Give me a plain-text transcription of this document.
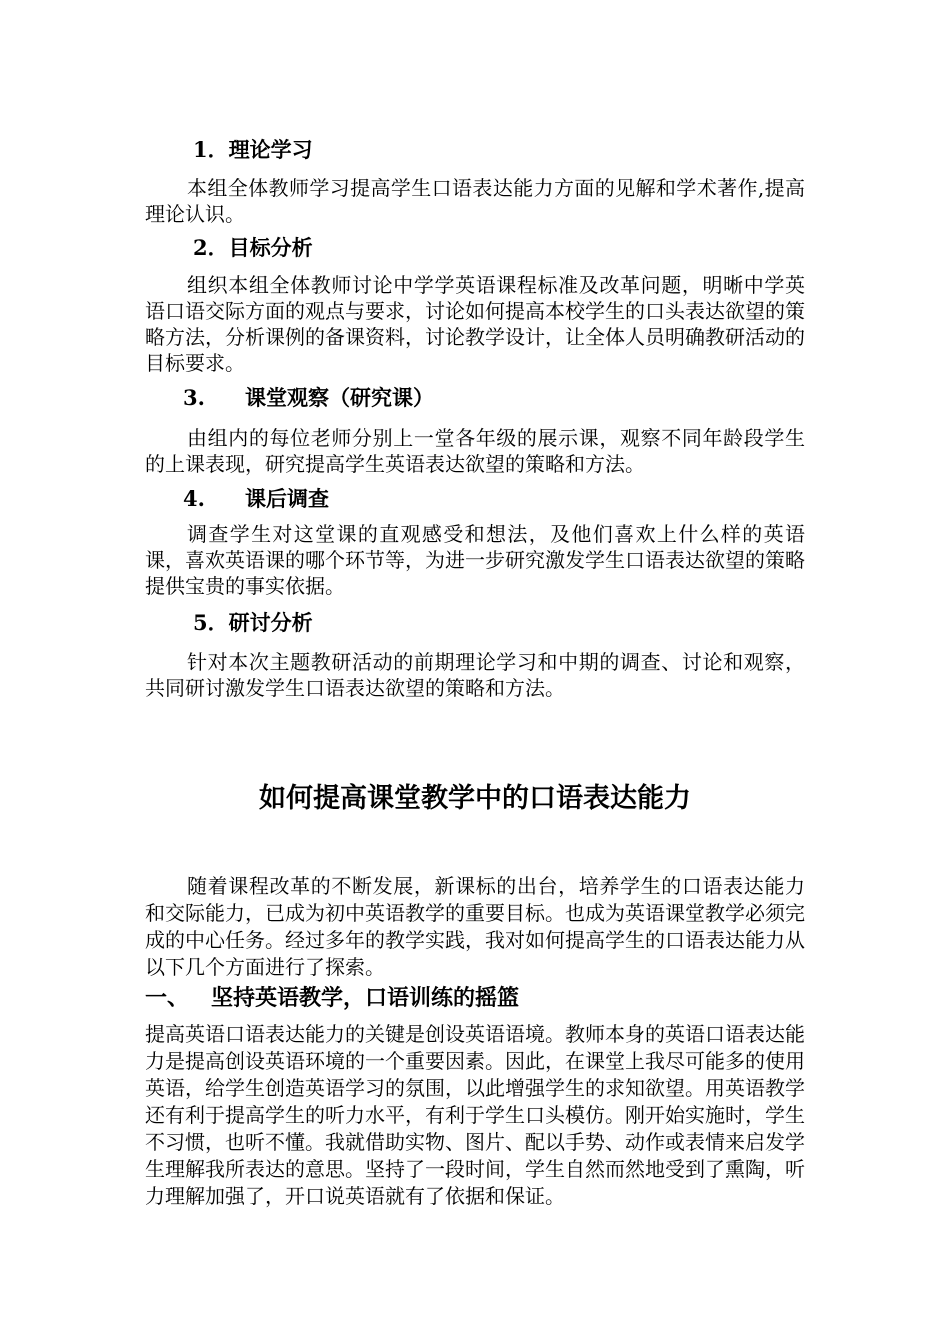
1．理论学习

本组全体教师学习提高学生口语表达能力方面的见解和学术著作,提高理论认识。

2．目标分析

组织本组全体教师讨论中学学英语课程标准及改革问题，明晰中学英语口语交际方面的观点与要求，讨论如何提高本校学生的口头表达欲望的策略方法，分析课例的备课资料，讨论教学设计，让全体人员明确教研活动的目标要求。

3. 课堂观察（研究课）

由组内的每位老师分别上一堂各年级的展示课，观察不同年龄段学生的上课表现，研究提高学生英语表达欲望的策略和方法。

4. 课后调查

调查学生对这堂课的直观感受和想法，及他们喜欢上什么样的英语课，喜欢英语课的哪个环节等，为进一步研究激发学生口语表达欲望的策略提供宝贵的事实依据。

5．研讨分析

针对本次主题教研活动的前期理论学习和中期的调查、讨论和观察，共同研讨激发学生口语表达欲望的策略和方法。

如何提高课堂教学中的口语表达能力

随着课程改革的不断发展，新课标的出台，培养学生的口语表达能力和交际能力，已成为初中英语教学的重要目标。也成为英语课堂教学必须完成的中心任务。经过多年的教学实践，我对如何提高学生的口语表达能力从以下几个方面进行了探索。

一、 坚持英语教学，口语训练的摇篮

提高英语口语表达能力的关键是创设英语语境。教师本身的英语口语表达能力是提高创设英语环境的一个重要因素。因此，在课堂上我尽可能多的使用英语，给学生创造英语学习的氛围，以此增强学生的求知欲望。用英语教学还有利于提高学生的听力水平，有利于学生口头模仿。刚开始实施时，学生不习惯，也听不懂。我就借助实物、图片、配以手势、动作或表情来启发学生理解我所表达的意思。坚持了一段时间，学生自然而然地受到了熏陶，听力理解加强了，开口说英语就有了依据和保证。
